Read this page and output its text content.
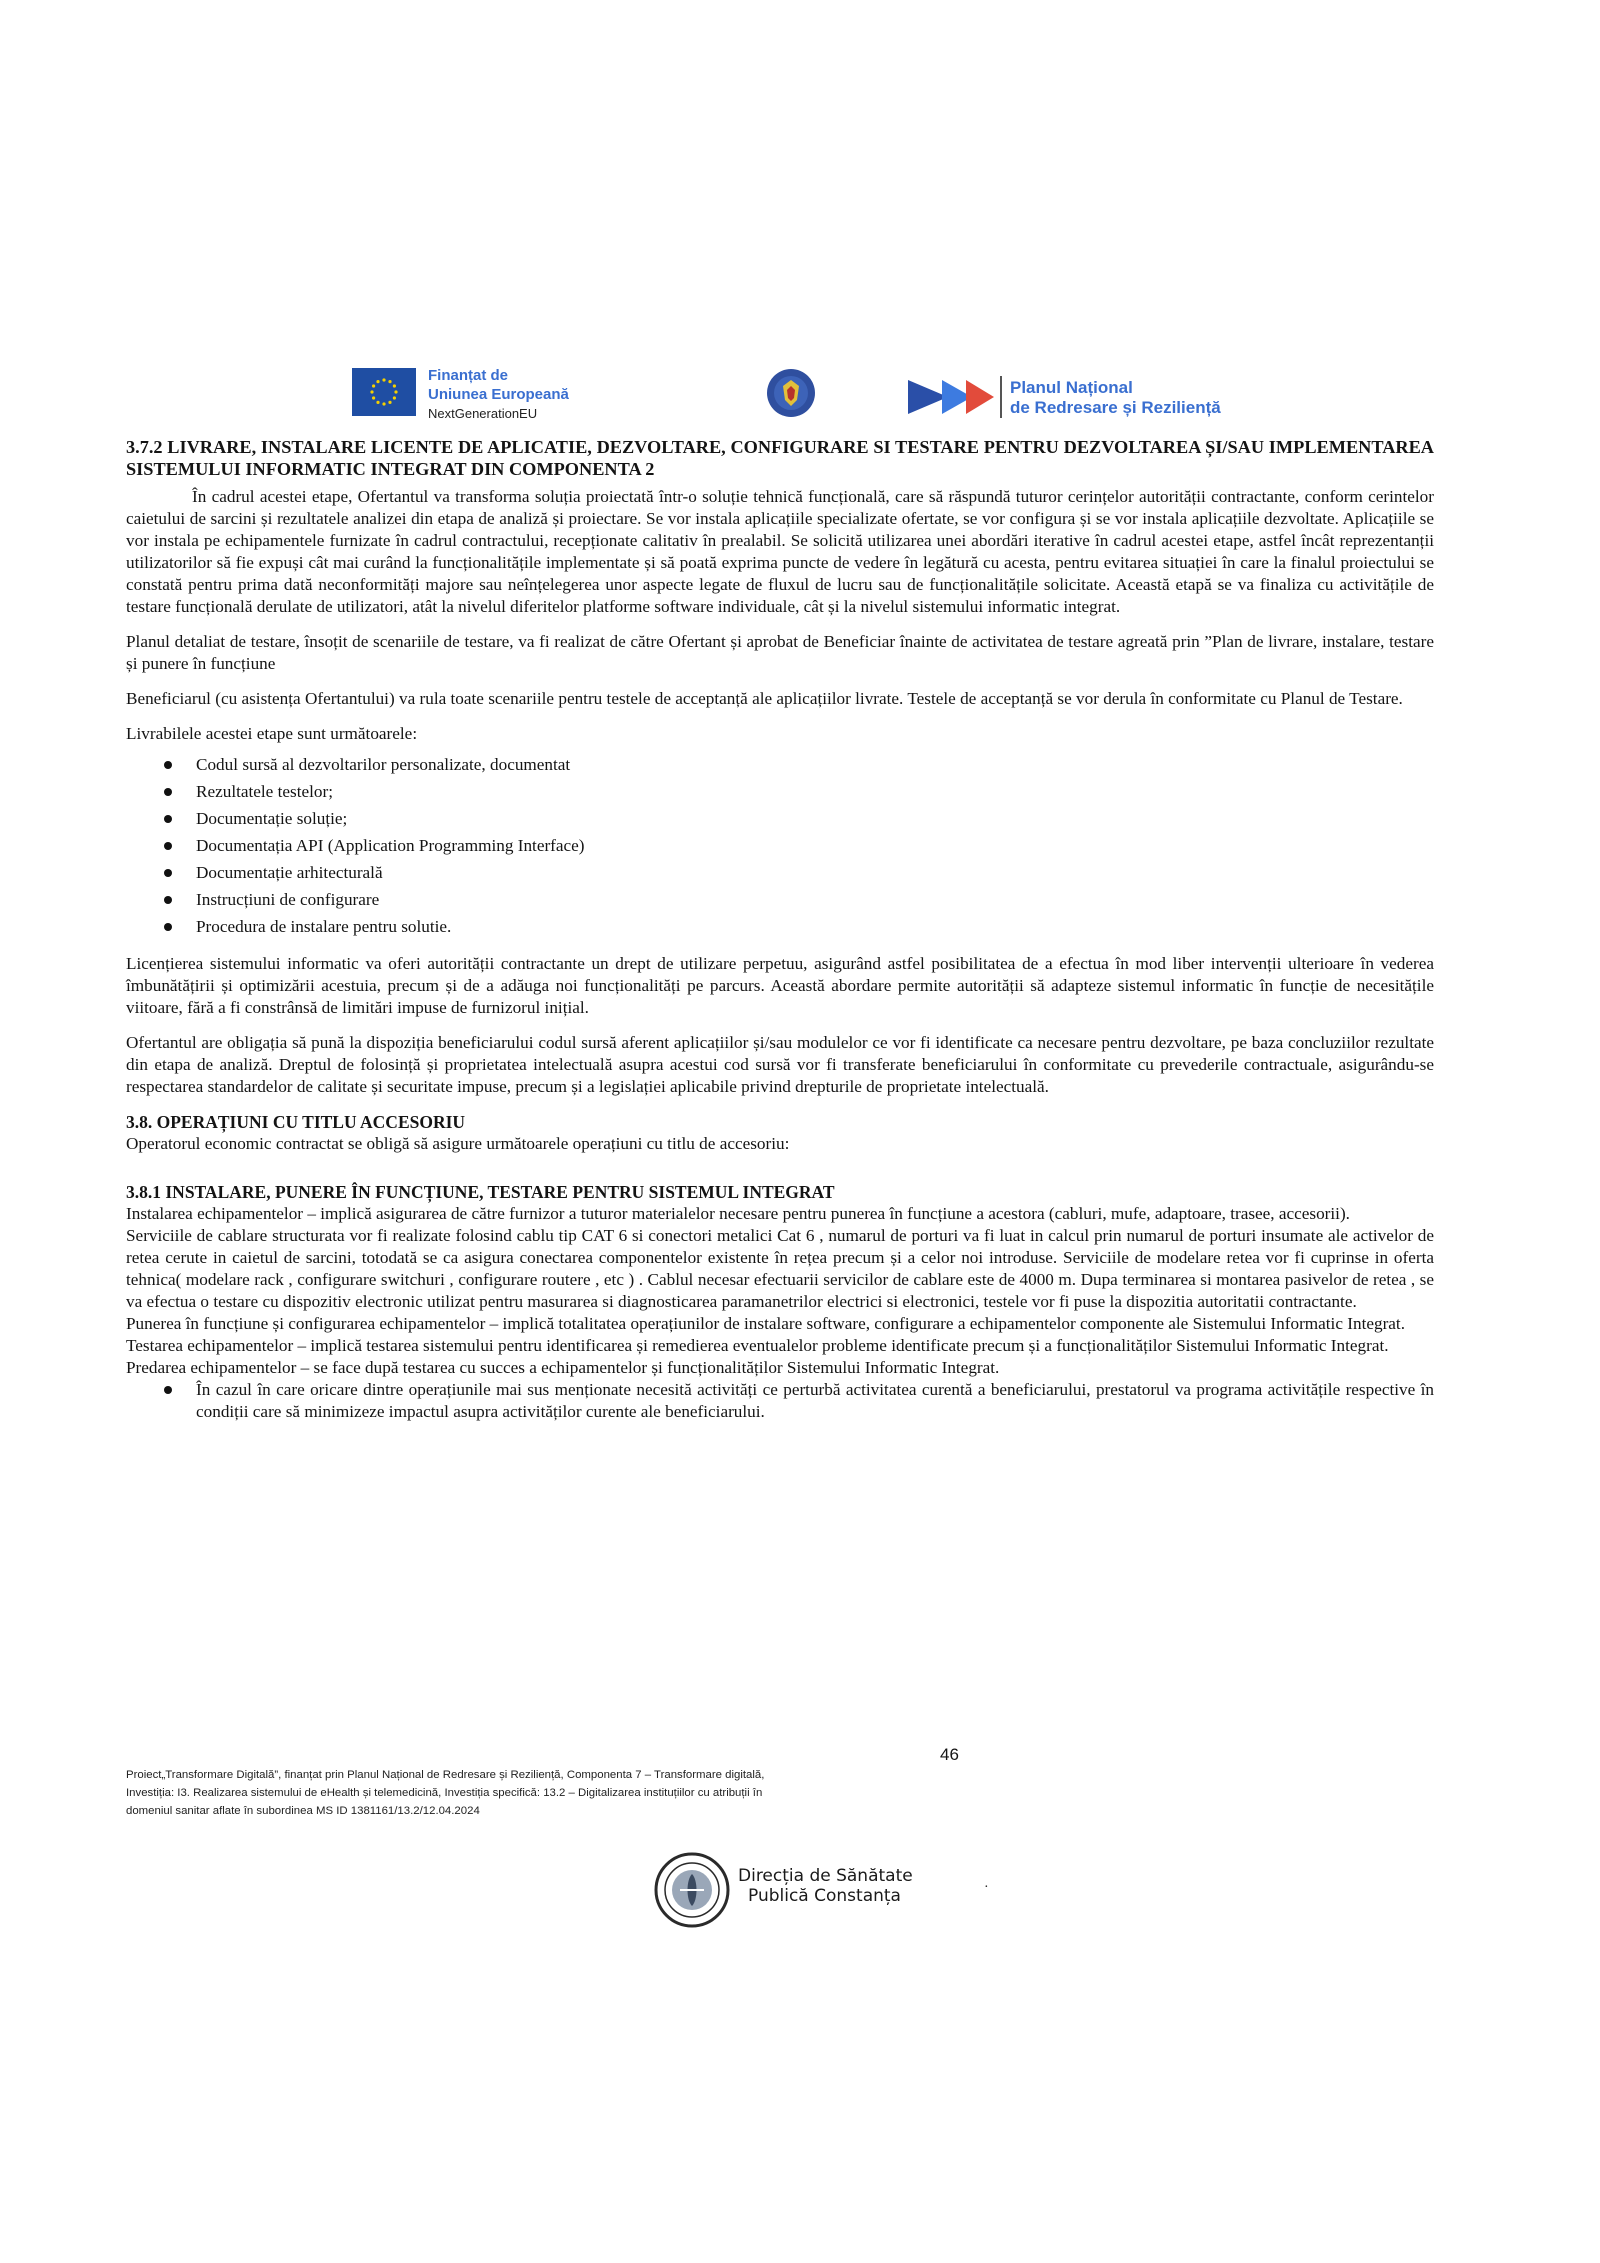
Finanțat de
Uniunea Europeană
NextGenerationEU
Planul Național
de Redresare și Reziliență

3.7.2 LIVRARE, INSTALARE LICENTE DE APLICATIE, DEZVOLTARE, CONFIGURARE SI TESTARE PENTRU DEZVOLTAREA ȘI/SAU IMPLEMENTAREA SISTEMULUI INFORMATIC INTEGRAT DIN COMPONENTA 2

În cadrul acestei etape, Ofertantul va transforma soluția proiectată într-o soluție tehnică funcțională, care să răspundă tuturor cerințelor autorității contractante, conform cerintelor caietului de sarcini și rezultatele analizei din etapa de analiză și proiectare. Se vor instala aplicațiile specializate ofertate, se vor configura și se vor instala aplicațiile dezvoltate. Aplicațiile se vor instala pe echipamentele furnizate în cadrul contractului, recepționate calitativ în prealabil. Se solicită utilizarea unei abordări iterative în cadrul acestei etape, astfel încât reprezentanții utilizatorilor să fie expuși cât mai curând la funcționalitățile implementate și să poată exprima puncte de vedere în legătură cu acesta, pentru evitarea situației în care la finalul proiectului se constată pentru prima dată neconformități majore sau neînțelegerea unor aspecte legate de fluxul de lucru sau de funcționalitățile solicitate. Această etapă se va finaliza cu activitățile de testare funcțională derulate de utilizatori, atât la nivelul diferitelor platforme software individuale, cât și la nivelul sistemului informatic integrat.

Planul detaliat de testare, însoțit de scenariile de testare, va fi realizat de către Ofertant și aprobat de Beneficiar înainte de activitatea de testare agreată prin ”Plan de livrare, instalare, testare și punere în funcțiune

Beneficiarul (cu asistența Ofertantului) va rula toate scenariile pentru testele de acceptanță ale aplicațiilor livrate. Testele de acceptanță se vor derula în conformitate cu Planul de Testare.

Livrabilele acestei etape sunt următoarele:

Codul sursă al dezvoltarilor personalizate, documentat
Rezultatele testelor;
Documentație soluție;
Documentația API (Application Programming Interface)
Documentație arhitecturală
Instrucțiuni de configurare
Procedura de instalare pentru solutie.

Licențierea sistemului informatic va oferi autorității contractante un drept de utilizare perpetuu, asigurând astfel posibilitatea de a efectua în mod liber intervenții ulterioare în vederea îmbunătățirii și optimizării acestuia, precum și de a adăuga noi funcționalități pe parcurs. Această abordare permite autorității să adapteze sistemul informatic în funcție de necesitățile viitoare, fără a fi constrânsă de limitări impuse de furnizorul inițial.

Ofertantul are obligația să pună la dispoziția beneficiarului codul sursă aferent aplicațiilor și/sau modulelor ce vor fi identificate ca necesare pentru dezvoltare, pe baza concluziilor rezultate din etapa de analiză. Dreptul de folosință și proprietatea intelectuală asupra acestui cod sursă vor fi transferate beneficiarului în conformitate cu prevederile contractuale, asigurându-se respectarea standardelor de calitate și securitate impuse, precum și a legislației aplicabile privind drepturile de proprietate intelectuală.

3.8. OPERAȚIUNI CU TITLU ACCESORIU

Operatorul economic contractat se obligă să asigure următoarele operațiuni cu titlu de accesoriu:

3.8.1 INSTALARE, PUNERE ÎN FUNCȚIUNE, TESTARE PENTRU SISTEMUL INTEGRAT

Instalarea echipamentelor – implică asigurarea de către furnizor a tuturor materialelor necesare pentru punerea în funcțiune a acestora (cabluri, mufe, adaptoare, trasee, accesorii).

Serviciile de cablare structurata vor fi realizate folosind cablu tip CAT 6 si conectori metalici Cat 6 , numarul de porturi va fi luat in calcul prin numarul de porturi insumate ale activelor de retea cerute in caietul de sarcini, totodată se ca asigura conectarea componentelor existente în rețea precum și a celor noi introduse. Serviciile de modelare retea vor fi cuprinse in oferta tehnica( modelare rack , configurare switchuri , configurare routere , etc ) . Cablul necesar efectuarii servicilor de cablare este de 4000 m. Dupa terminarea si montarea pasivelor de retea , se va efectua o testare cu dispozitiv electronic utilizat pentru masurarea si diagnosticarea paramanetrilor electrici si electronici, testele vor fi puse la dispozitia autoritatii contractante.

Punerea în funcțiune și configurarea echipamentelor – implică totalitatea operațiunilor de instalare software, configurare a echipamentelor componente ale Sistemului Informatic Integrat.

Testarea echipamentelor – implică testarea sistemului pentru identificarea și remedierea eventualelor probleme identificate precum și a funcționalităților Sistemului Informatic Integrat.

Predarea echipamentelor – se face după testarea cu succes a echipamentelor și funcționalităților Sistemului Informatic Integrat.

În cazul în care oricare dintre operațiunile mai sus menționate necesită activități ce perturbă activitatea curentă a beneficiarului, prestatorul va programa activitățile respective în condiții care să minimizeze impactul asupra activităților curente ale beneficiarului.
46
Proiect„Transformare Digitală”, finanțat prin Planul Național de Redresare și Reziliență, Componenta 7 – Transformare digitală,
Investiția: I3. Realizarea sistemului de eHealth și telemedicină, Investiția specifică: 13.2 – Digitalizarea instituțiilor cu atribuții în
domeniul sanitar aflate în subordinea MS ID 1381161/13.2/12.04.2024
Direcția de Sănătate
Publică Constanța	·
